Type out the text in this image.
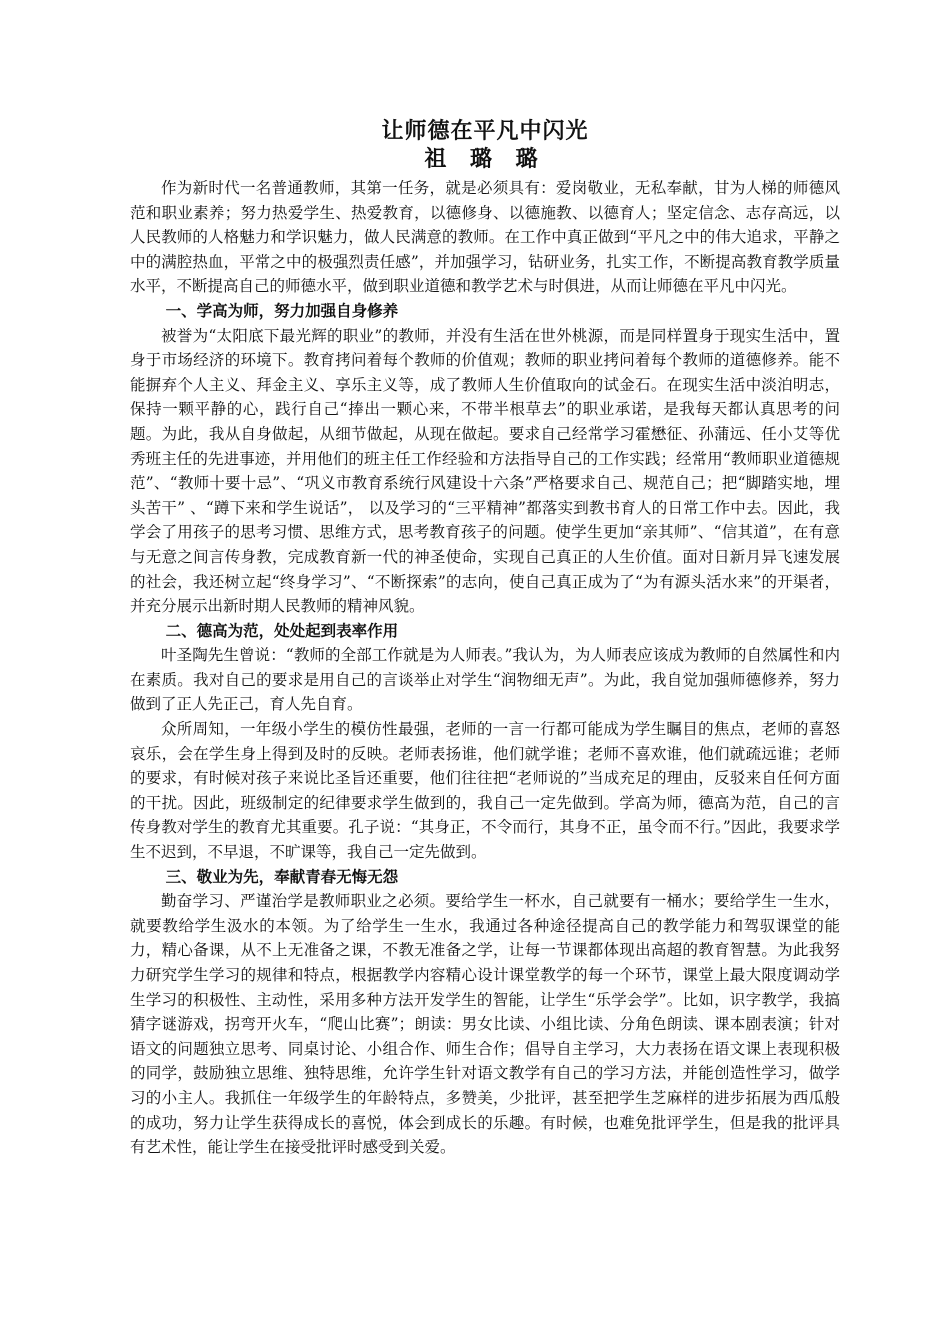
让师德在平凡中闪光
祖 璐 璐

作为新时代一名普通教师，其第一任务，就是必须具有：爱岗敬业，无私奉献，甘为人梯的师德风范和职业素养；努力热爱学生、热爱教育，以德修身、以德施教、以德育人；坚定信念、志存高远，以人民教师的人格魅力和学识魅力，做人民满意的教师。在工作中真正做到“平凡之中的伟大追求，平静之中的满腔热血，平常之中的极强烈责任感”，并加强学习，钻研业务，扎实工作，不断提高教育教学质量水平，不断提高自己的师德水平，做到职业道德和教学艺术与时俱进，从而让师德在平凡中闪光。

一、学高为师，努力加强自身修养

被誉为“太阳底下最光辉的职业”的教师，并没有生活在世外桃源，而是同样置身于现实生活中，置身于市场经济的环境下。教育拷问着每个教师的价值观；教师的职业拷问着每个教师的道德修养。能不能摒弃个人主义、拜金主义、享乐主义等，成了教师人生价值取向的试金石。在现实生活中淡泊明志，保持一颗平静的心，践行自己“捧出一颗心来，不带半根草去”的职业承诺，是我每天都认真思考的问题。为此，我从自身做起，从细节做起，从现在做起。要求自己经常学习霍懋征、孙蒲远、任小艾等优秀班主任的先进事迹，并用他们的班主任工作经验和方法指导自己的工作实践；经常用“教师职业道德规范”、“教师十要十忌”、“巩义市教育系统行风建设十六条”严格要求自己、规范自己；把“脚踏实地，埋头苦干” 、“蹲下来和学生说话”， 以及学习的“三平精神”都落实到教书育人的日常工作中去。因此，我学会了用孩子的思考习惯、思维方式，思考教育孩子的问题。使学生更加“亲其师”、“信其道”，在有意与无意之间言传身教，完成教育新一代的神圣使命，实现自己真正的人生价值。面对日新月异飞速发展的社会，我还树立起“终身学习”、“不断探索”的志向，使自己真正成为了“为有源头活水来”的开渠者，并充分展示出新时期人民教师的精神风貌。

二、德高为范，处处起到表率作用

叶圣陶先生曾说：“教师的全部工作就是为人师表。”我认为，为人师表应该成为教师的自然属性和内在素质。我对自己的要求是用自己的言谈举止对学生“润物细无声”。为此，我自觉加强师德修养，努力做到了正人先正己，育人先自育。

众所周知，一年级小学生的模仿性最强，老师的一言一行都可能成为学生瞩目的焦点，老师的喜怒哀乐，会在学生身上得到及时的反映。老师表扬谁，他们就学谁；老师不喜欢谁，他们就疏远谁；老师的要求，有时候对孩子来说比圣旨还重要，他们往往把“老师说的”当成充足的理由，反驳来自任何方面的干扰。因此，班级制定的纪律要求学生做到的，我自己一定先做到。学高为师，德高为范，自己的言传身教对学生的教育尤其重要。孔子说：“其身正，不令而行，其身不正，虽令而不行。”因此，我要求学生不迟到，不早退，不旷课等，我自己一定先做到。

三、敬业为先，奉献青春无悔无怨

勤奋学习、严谨治学是教师职业之必须。要给学生一杯水，自己就要有一桶水；要给学生一生水，就要教给学生汲水的本领。为了给学生一生水，我通过各种途径提高自己的教学能力和驾驭课堂的能力，精心备课，从不上无准备之课，不教无准备之学，让每一节课都体现出高超的教育智慧。为此我努力研究学生学习的规律和特点，根据教学内容精心设计课堂教学的每一个环节，课堂上最大限度调动学生学习的积极性、主动性，采用多种方法开发学生的智能，让学生“乐学会学”。比如，识字教学，我搞猜字谜游戏，拐弯开火车，“爬山比赛”；朗读：男女比读、小组比读、分角色朗读、课本剧表演；针对语文的问题独立思考、同桌讨论、小组合作、师生合作；倡导自主学习，大力表扬在语文课上表现积极的同学，鼓励独立思维、独特思维，允许学生针对语文教学有自己的学习方法，并能创造性学习，做学习的小主人。我抓住一年级学生的年龄特点，多赞美，少批评，甚至把学生芝麻样的进步拓展为西瓜般的成功，努力让学生获得成长的喜悦，体会到成长的乐趣。有时候，也难免批评学生，但是我的批评具有艺术性，能让学生在接受批评时感受到关爱。
